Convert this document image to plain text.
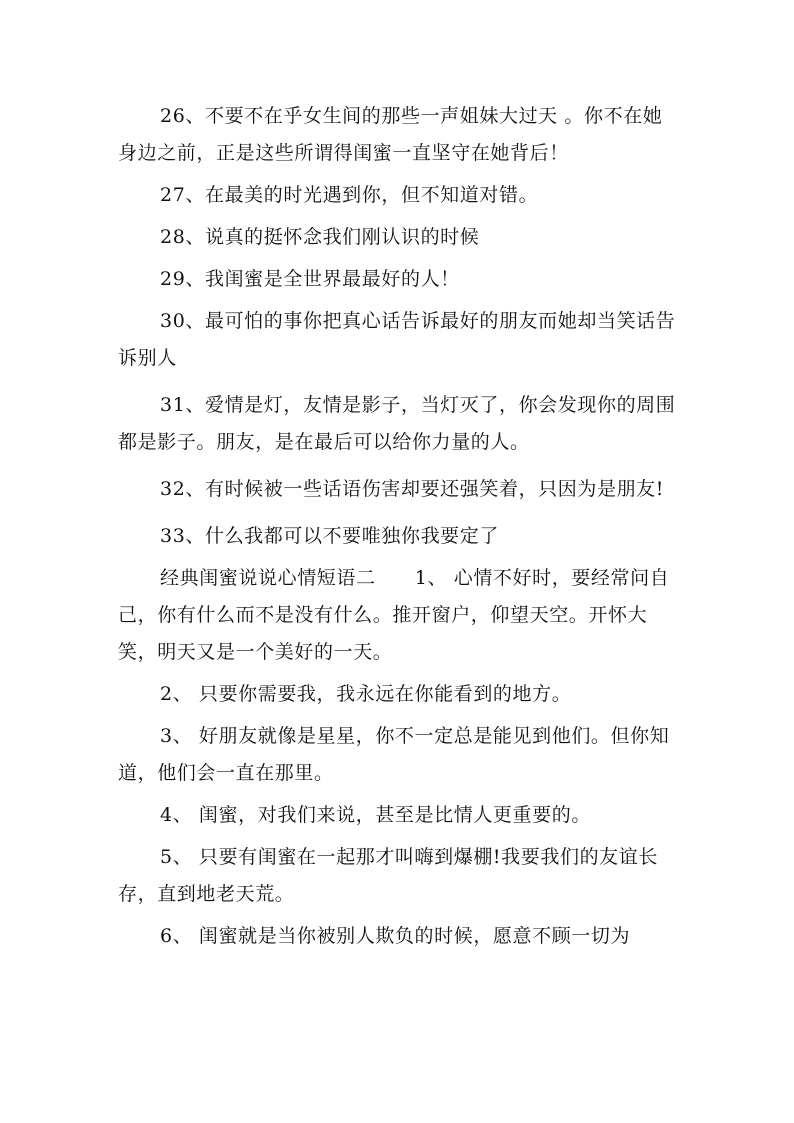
26、不要不在乎女生间的那些一声姐妹大过天 。你不在她身边之前，正是这些所谓得闺蜜一直坚守在她背后！

27、在最美的时光遇到你，但不知道对错。

28、说真的挺怀念我们刚认识的时候

29、我闺蜜是全世界最最好的人！

30、最可怕的事你把真心话告诉最好的朋友而她却当笑话告诉别人

31、爱情是灯，友情是影子，当灯灭了，你会发现你的周围都是影子。朋友，是在最后可以给你力量的人。

32、有时候被一些话语伤害却要还强笑着，只因为是朋友!

33、什么我都可以不要唯独你我要定了

经典闺蜜说说心情短语二　　1、 心情不好时，要经常问自己，你有什么而不是没有什么。推开窗户，仰望天空。开怀大笑，明天又是一个美好的一天。

2、 只要你需要我，我永远在你能看到的地方。

3、 好朋友就像是星星，你不一定总是能见到他们。但你知道，他们会一直在那里。

4、 闺蜜，对我们来说，甚至是比情人更重要的。

5、 只要有闺蜜在一起那才叫嗨到爆棚!我要我们的友谊长存，直到地老天荒。

6、 闺蜜就是当你被别人欺负的时候，愿意不顾一切为
